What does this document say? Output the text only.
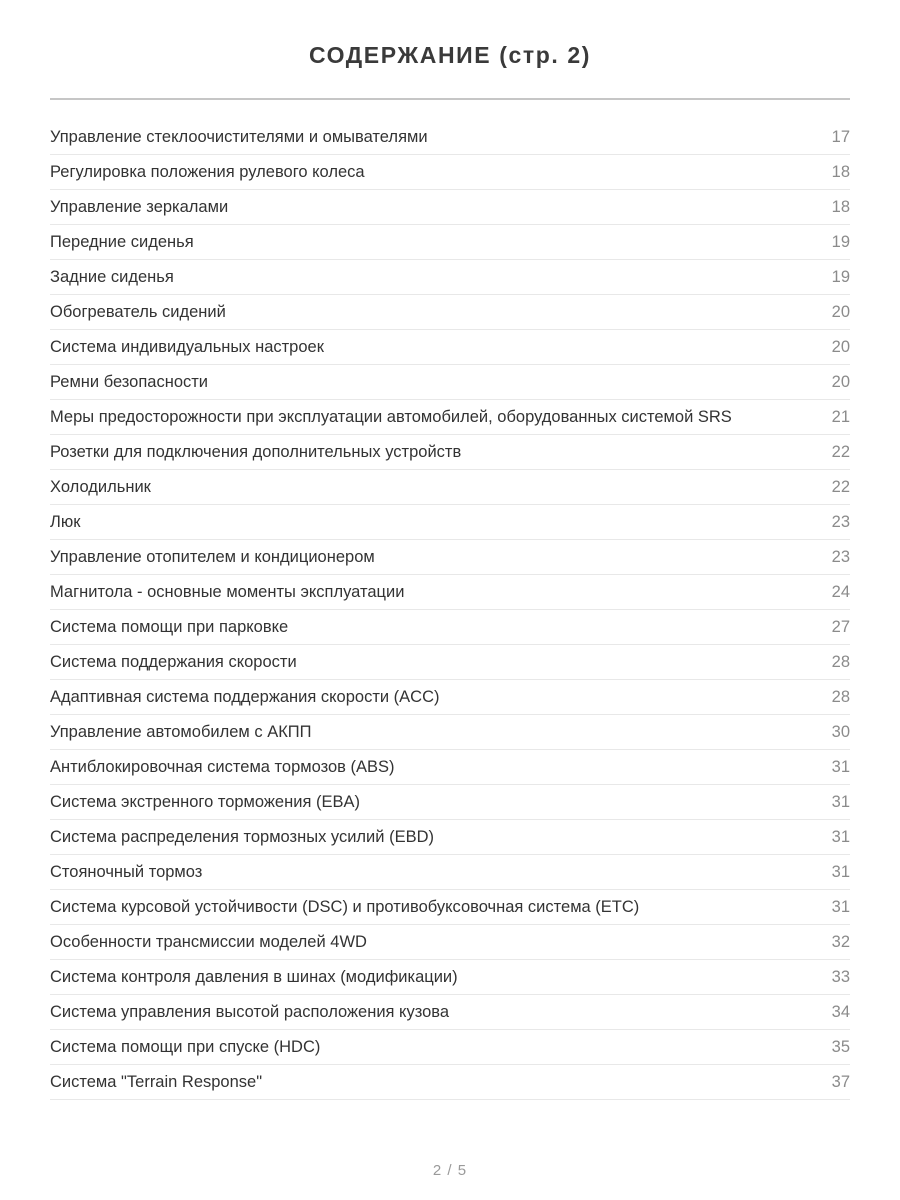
СОДЕРЖАНИЕ (стр. 2)
Управление стеклоочистителями и омывателями	17
Регулировка положения рулевого колеса	18
Управление зеркалами	18
Передние сиденья	19
Задние сиденья	19
Обогреватель сидений	20
Система индивидуальных настроек	20
Ремни безопасности	20
Меры предосторожности при эксплуатации автомобилей, оборудованных системой SRS	21
Розетки для подключения дополнительных устройств	22
Холодильник	22
Люк	23
Управление отопителем и кондиционером	23
Магнитола - основные моменты эксплуатации	24
Система помощи при парковке	27
Система поддержания скорости	28
Адаптивная система поддержания скорости (ACC)	28
Управление автомобилем с АКПП	30
Антиблокировочная система тормозов (ABS)	31
Система экстренного торможения (EBA)	31
Система распределения тормозных усилий (EBD)	31
Стояночный тормоз	31
Система курсовой устойчивости (DSC) и противобуксовочная система (ETC)	31
Особенности трансмиссии моделей 4WD	32
Система контроля давления в шинах (модификации)	33
Система управления высотой расположения кузова	34
Система помощи при спуске (HDC)	35
Система "Terrain Response"	37
2 / 5
